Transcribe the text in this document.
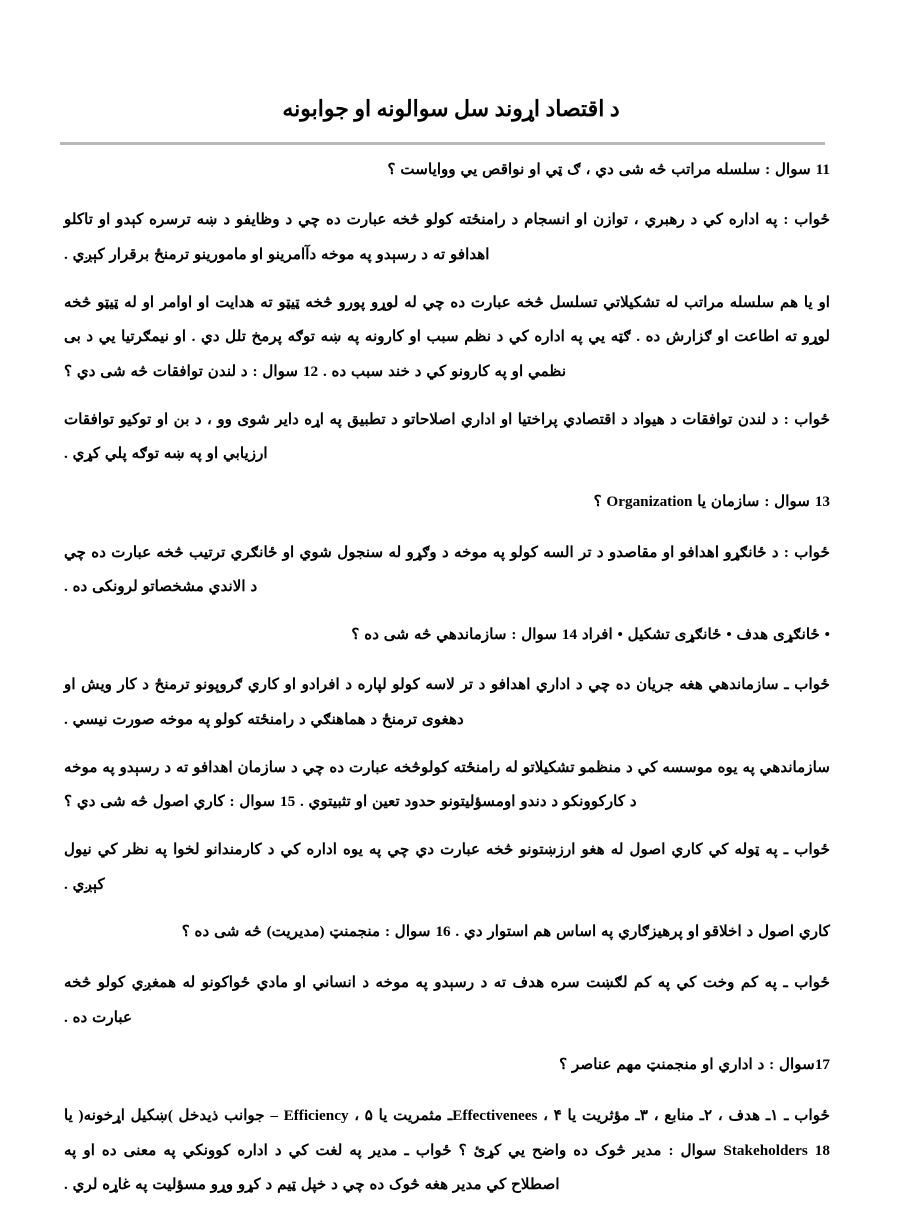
د اقتصاد اړوند سل سوالونه او جوابونه

11 سوال : سلسله مراتب څه شی دي ، ګ ټي او نواقص یي ووایاست ؟

ځواب : په اداره کي د رهبري ، توازن او انسجام د رامنځته کولو څخه عبارت ده چي د وظايفو د ښه ترسره کېدو او تاکلو اهدافو ته د رسېدو په موخه دآامرینو او مامورینو ترمنځ برقرار کېږي .

او یا هم سلسله مراتب له تشکیلاتي تسلسل څخه عبارت ده چي له لوړو پورو څخه ټیټو ته هدایت او اوامر او له ټیټو څخه لوړو ته اطاعت او ګزارش ده . ګټه یي په اداره کي د نظم سبب او کارونه په ښه توګه پرمخ تلل دي . او نیمګرتیا یي د بی نظمي او په کارونو کي د خند سبب ده . 12 سوال : د لندن توافقات څه شی دي ؟

ځواب : د لندن توافقات د هیواد د اقتصادي پراختیا او اداري اصلاحاتو د تطبیق په اړه دایر شوی وو ، د بن او توکیو توافقات ارزیابي او په ښه توګه پلي کړي .

13 سوال : سازمان یا Organization ؟

ځواب : د ځانګړو اهدافو او مقاصدو د تر السه کولو په موخه د وګړو له سنجول شوي او ځانګري ترتیب څخه عبارت ده چي د الاندي مشخصاتو لرونکی ده .

• ځانګړی هدف • ځانګړی تشکیل • افراد 14 سوال : سازماندهي څه شی ده ؟

ځواب ـ سازماندهي هغه جریان ده چي د اداري اهدافو د تر لاسه کولو لپاره د افرادو او کاري ګروپونو ترمنځ د کار ویش او دهغوی ترمنځ د هماهنګي د رامنځته کولو په موخه صورت نیسي .

سازماندهي په یوه موسسه کي د منظمو تشکیلاتو له رامنځته کولوڅخه عبارت ده چي د سازمان اهدافو ته د رسېدو په موخه د کارکوونکو د دندو اومسؤلیتونو حدود تعین او تثبیتوي . 15 سوال : کاري اصول څه شی دي ؟

ځواب ـ په ټوله کي کاري اصول له هغو ارزښتونو څخه عبارت دي چي په یوه اداره کي د کارمندانو لخوا په نظر کي نیول کېږي .

کاري اصول د اخلاقو او پرهیزګاري په اساس هم استوار دي . 16 سوال : منجمنټ (مدیریت) څه شی ده ؟

ځواب ـ په کم وخت کي په کم لګښت سره هدف ته د رسېدو په موخه د انساني او مادي ځواکونو له همغږي کولو څخه عبارت ده .

17سوال : د اداري او منجمنټ مهم عناصر ؟

ځواب ـ ۱ـ هدف ، ۲ـ منابع ، ۳ـ مؤثریت یا Effectivenees ، ۴ـ مثمریت یا Efficiency ، ۵ – جوانب ذیدخل )ښکیل اړخونه( یا Stakeholders 18 سوال : مدیر څوک ده واضح یي کړئ ؟ ځواب ـ مدیر په لغت کي د اداره کوونکي په معنی ده او په اصطلاح کي مدیر هغه څوک ده چي د خپل ټیم د کړو وړو مسؤلیت په غاړه لري .
